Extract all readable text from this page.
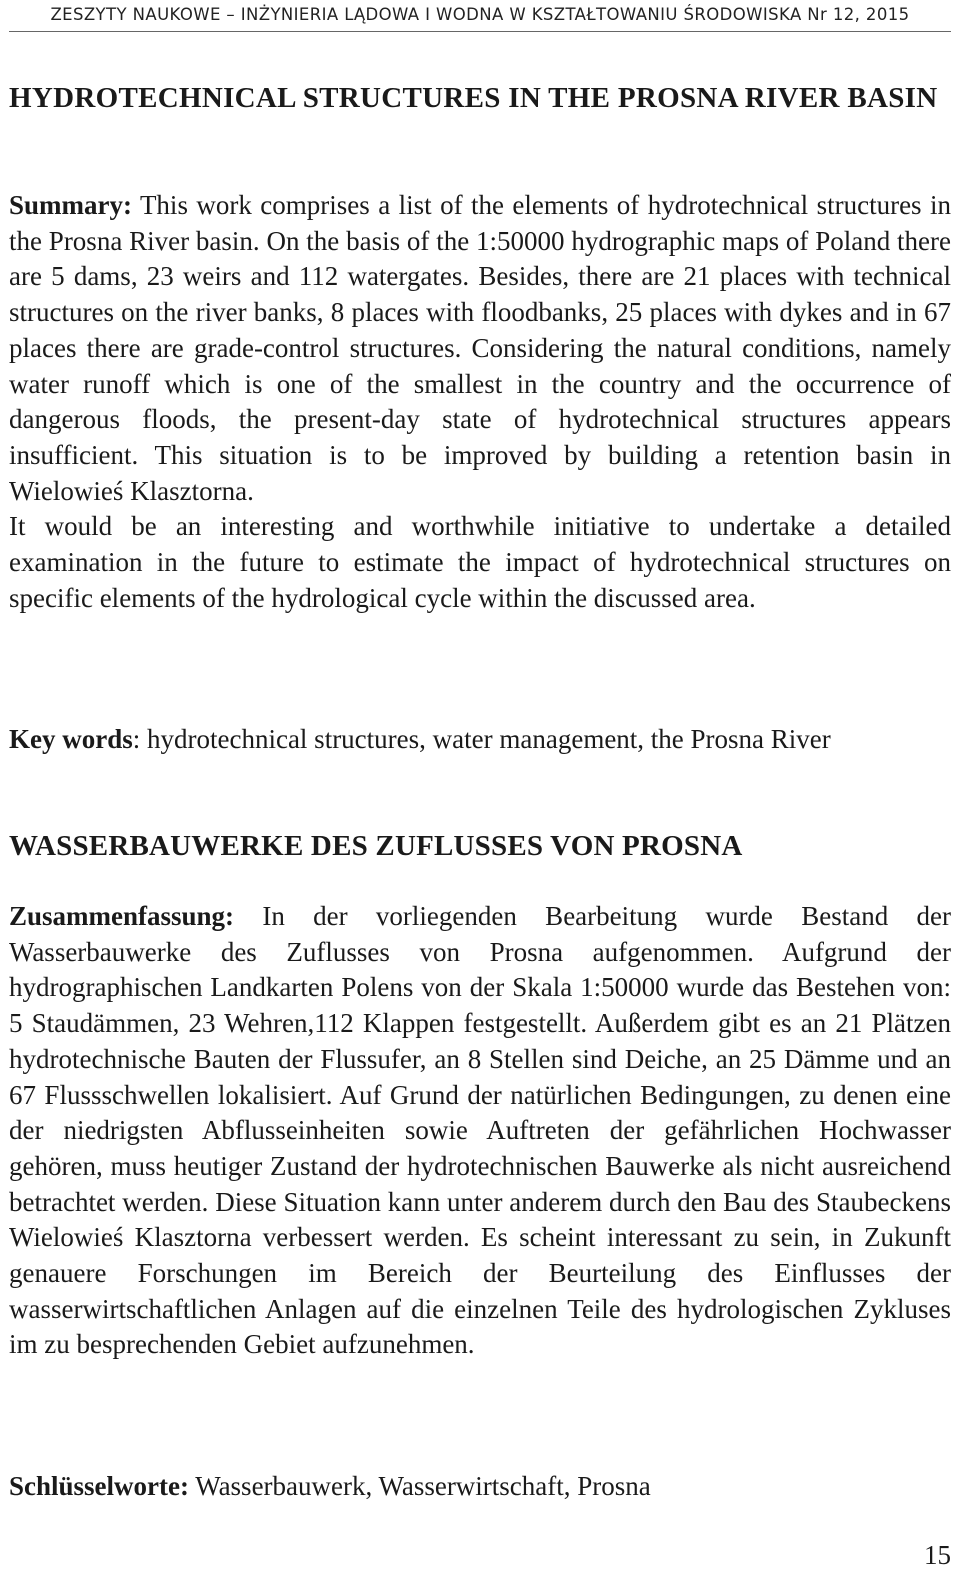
ZESZYTY NAUKOWE – INŻYNIERIA LĄDOWA I WODNA W KSZTAŁTOWANIU ŚRODOWISKA Nr 12, 2015
HYDROTECHNICAL STRUCTURES IN THE PROSNA RIVER BASIN

Summary: This work comprises a list of the elements of hydrotechnical structures in the Prosna River basin. On the basis of the 1:50000 hydrographic maps of Poland there are 5 dams, 23 weirs and 112 watergates. Besides, there are 21 places with technical structures on the river banks, 8 places with floodbanks, 25 places with dykes and in 67 places there are grade-control structures. Considering the natural conditions, namely water runoff which is one of the smallest in the country and the occurrence of dangerous floods, the present-day state of hydrotechnical structures appears insufficient. This situation is to be improved by building a retention basin in Wielowieś Klasztorna.

It would be an interesting and worthwhile initiative to undertake a detailed examination in the future to estimate the impact of hydrotechnical structures on specific elements of the hydrological cycle within the discussed area.

Key words: hydrotechnical structures, water management, the Prosna River

WASSERBAUWERKE DES ZUFLUSSES VON PROSNA

Zusammenfassung: In der vorliegenden Bearbeitung wurde Bestand der Wasserbauwerke des Zuflusses von Prosna aufgenommen. Aufgrund der hydrographischen Landkarten Polens von der Skala 1:50000 wurde das Bestehen von: 5 Staudämmen, 23 Wehren,112 Klappen festgestellt. Außerdem gibt es an 21 Plätzen hydrotechnische Bauten der Flussufer, an 8 Stellen sind Deiche, an 25 Dämme und an 67 Flussschwellen lokalisiert. Auf Grund der natürlichen Bedingungen, zu denen eine der niedrigsten Abflusseinheiten sowie Auftreten der gefährlichen Hochwasser gehören, muss heutiger Zustand der hydrotechnischen Bauwerke als nicht ausreichend betrachtet werden. Diese Situation kann unter anderem durch den Bau des Staubeckens Wielowieś Klasztorna verbessert werden. Es scheint interessant zu sein, in Zukunft genauere Forschungen im Bereich der Beurteilung des Einflusses der wasserwirtschaftlichen Anlagen auf die einzelnen Teile des hydrologischen Zykluses im zu besprechenden Gebiet aufzunehmen.

Schlüsselworte: Wasserbauwerk, Wasserwirtschaft, Prosna

15
